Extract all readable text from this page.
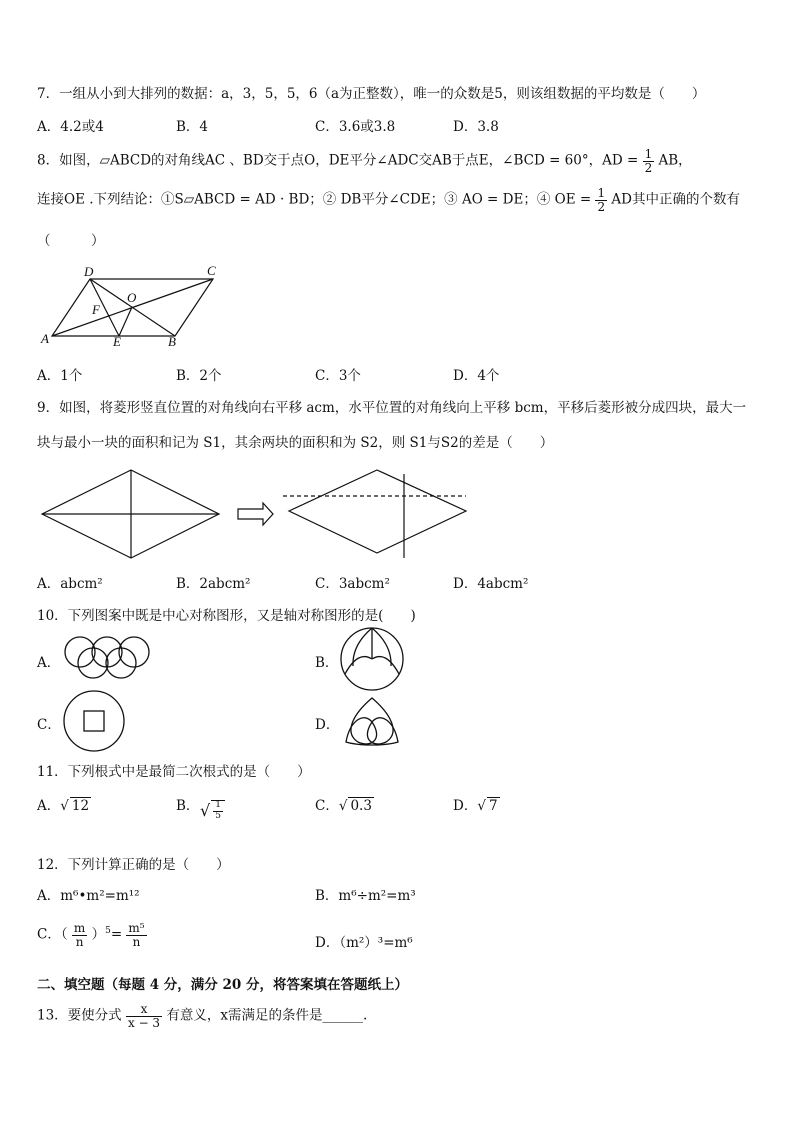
7．一组从小到大排列的数据：a，3，5，5，6（a为正整数），唯一的众数是5，则该组数据的平均数是（　　）
A．4.2或4	B．4	C．3.6或3.8	D．3.8
8．如图，▱ABCD的对角线AC 、BD交于点O，DE平分∠ADC交AB于点E，∠BCD = 60°，AD = $\frac{1}{2}$ AB，
连接OE .下列结论：①S▱ABCD = AD · BD；② DB平分∠CDE；③ AO = DE；④ OE = $\frac{1}{2}$ AD其中正确的个数有
（　　　）
D	C
O
F
A	E	B
A．1个	B．2个	C．3个	D．4个
9．如图，将菱形竖直位置的对角线向右平移 acm，水平位置的对角线向上平移 bcm，平移后菱形被分成四块，最大一
块与最小一块的面积和记为 S1，其余两块的面积和为 S2，则 S1与S2的差是（　　）
A．abcm²	B．2abcm²	C．3abcm²	D．4abcm²
10．下列图案中既是中心对称图形，又是轴对称图形的是(　　)
A．	B．
C．	D．
11．下列根式中是最简二次根式的是（　　）
A．√ 12	B． √ $\frac{1}{5}$	C．√ 0.3	D．√ 7
12．下列计算正确的是（　　）
A．m⁶•m²=m¹²	B．m⁶÷m²=m³
C．（ $\frac{m}{n} )^5= \frac{\text{m⁵}}{n}$	D．（m²）³=m⁶
二、填空题（每题 4 分，满分 20 分，将答案填在答题纸上）
13．要使分式 $\frac{x}{x - 3}$ 有意义，x需满足的条件是______.
